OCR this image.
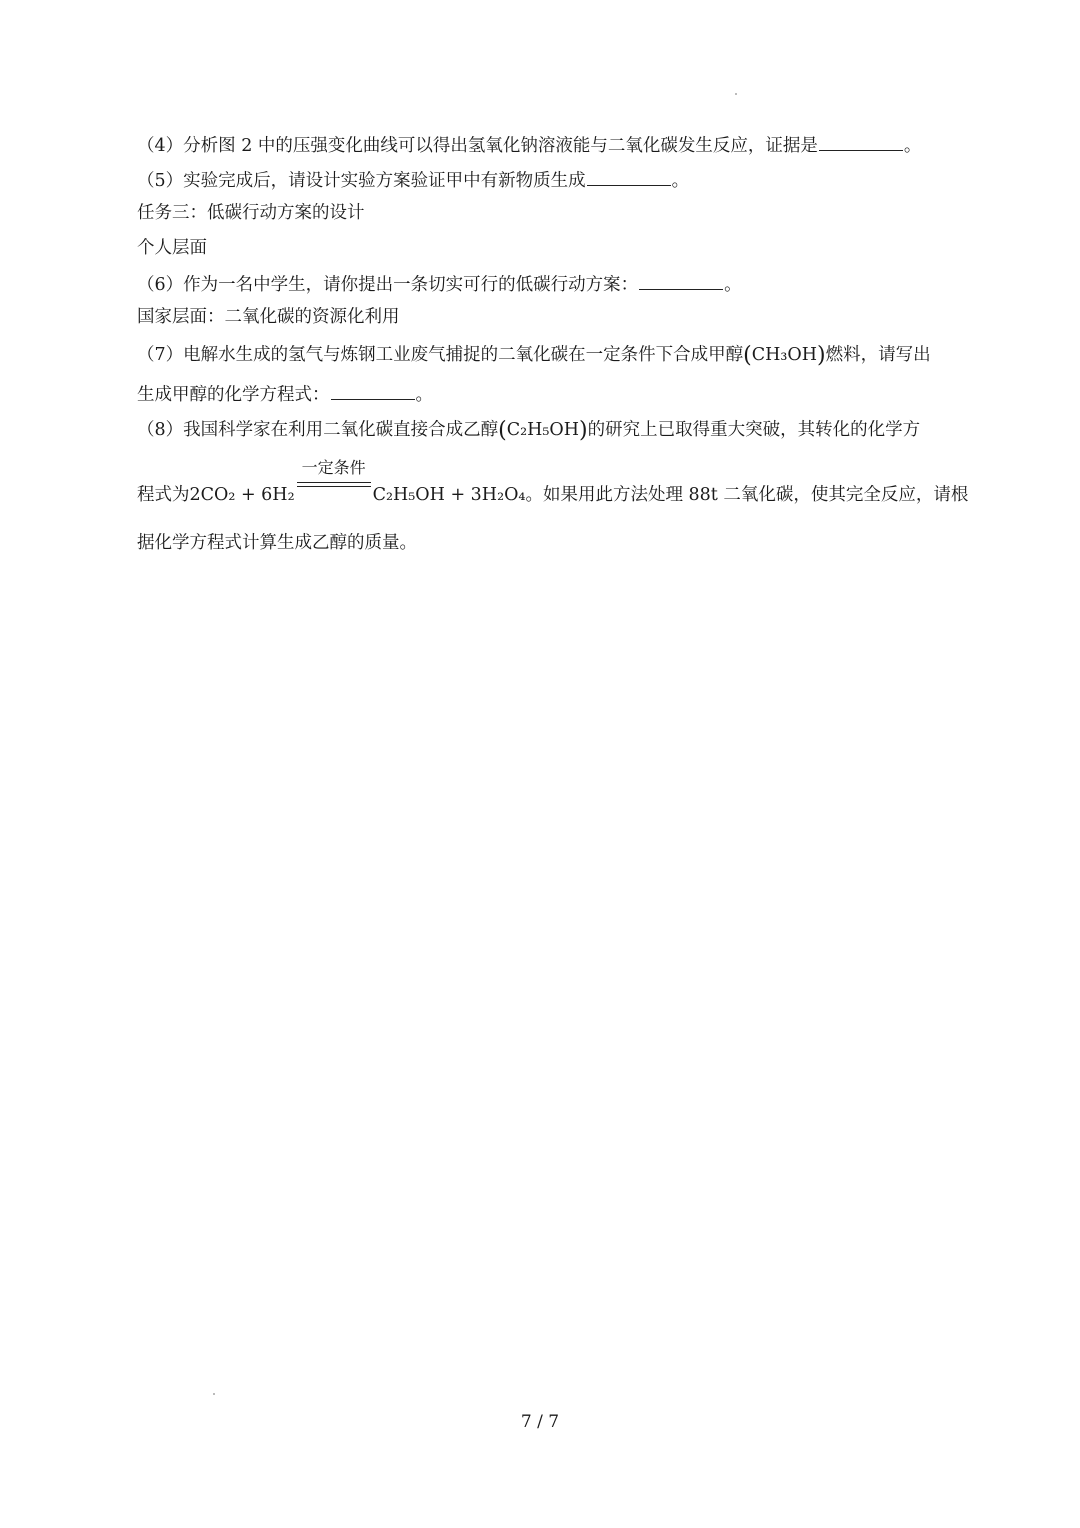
（4）分析图 2 中的压强变化曲线可以得出氢氧化钠溶液能与二氧化碳发生反应，证据是	。
（5）实验完成后，请设计实验方案验证甲中有新物质生成	。
任务三：低碳行动方案的设计
个人层面
（6）作为一名中学生，请你提出一条切实可行的低碳行动方案：	。
国家层面：二氧化碳的资源化利用
（7）电解水生成的氢气与炼钢工业废气捕捉的二氧化碳在一定条件下合成甲醇(CH₃OH)燃料，请写出
生成甲醇的化学方程式：	。
（8）我国科学家在利用二氧化碳直接合成乙醇(C₂H₅OH)的研究上已取得重大突破，其转化的化学方
程式为2CO₂ + 6H₂
一定条件
C₂H₅OH + 3H₂O₄。如果用此方法处理 88t 二氧化碳，使其完全反应，请根
据化学方程式计算生成乙醇的质量。
7 / 7
